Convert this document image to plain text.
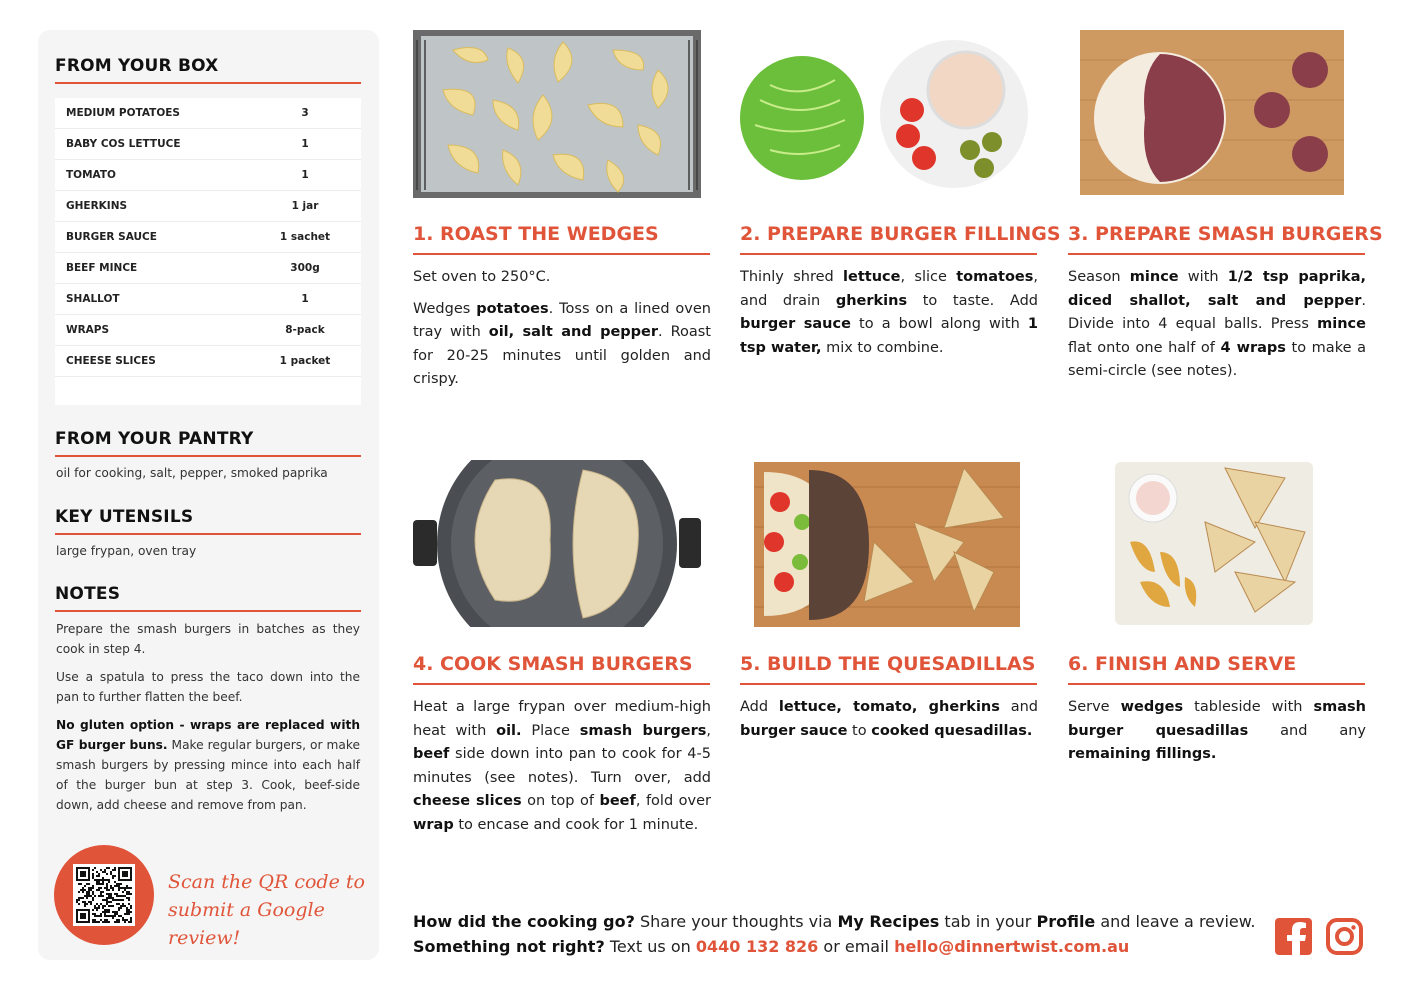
FROM YOUR BOX
MEDIUM POTATOES	3
BABY COS LETTUCE	1
TOMATO	1
GHERKINS	1 jar
BURGER SAUCE	1 sachet
BEEF MINCE	300g
SHALLOT	1
WRAPS	8-pack
CHEESE SLICES	1 packet
FROM YOUR PANTRY
oil for cooking, salt, pepper, smoked paprika
KEY UTENSILS
large frypan, oven tray
NOTES

Prepare the smash burgers in batches as they cook in step 4.

Use a spatula to press the taco down into the pan to further flatten the beef.

No gluten option - wraps are replaced with GF burger buns. Make regular burgers, or make smash burgers by pressing mince into each half of the burger bun at step 3. Cook, beef-side down, add cheese and remove from pan.

Scan the QR code to
submit a Google review!
1. ROAST THE WEDGES

Set oven to 250°C.

Wedges potatoes. Toss on a lined oven tray with oil, salt and pepper. Roast for 20-25 minutes until golden and crispy.

2. PREPARE BURGER FILLINGS

Thinly shred lettuce, slice tomatoes, and drain gherkins to taste. Add burger sauce to a bowl along with 1 tsp water, mix to combine.

3. PREPARE SMASH BURGERS

Season mince with 1/2 tsp paprika, diced shallot, salt and pepper. Divide into 4 equal balls. Press mince flat onto one half of 4 wraps to make a semi-circle (see notes).

4. COOK SMASH BURGERS

Heat a large frypan over medium-high heat with oil. Place smash burgers, beef side down into pan to cook for 4-5 minutes (see notes). Turn over, add cheese slices on top of beef, fold over wrap to encase and cook for 1 minute.

5. BUILD THE QUESADILLAS

Add lettuce, tomato, gherkins and burger sauce to cooked quesadillas.

6. FINISH AND SERVE

Serve wedges tableside with smash burger quesadillas and any remaining fillings.

How did the cooking go? Share your thoughts via My Recipes tab in your Profile and leave a review.
Something not right? Text us on 0440 132 826 or email hello@dinnertwist.com.au
